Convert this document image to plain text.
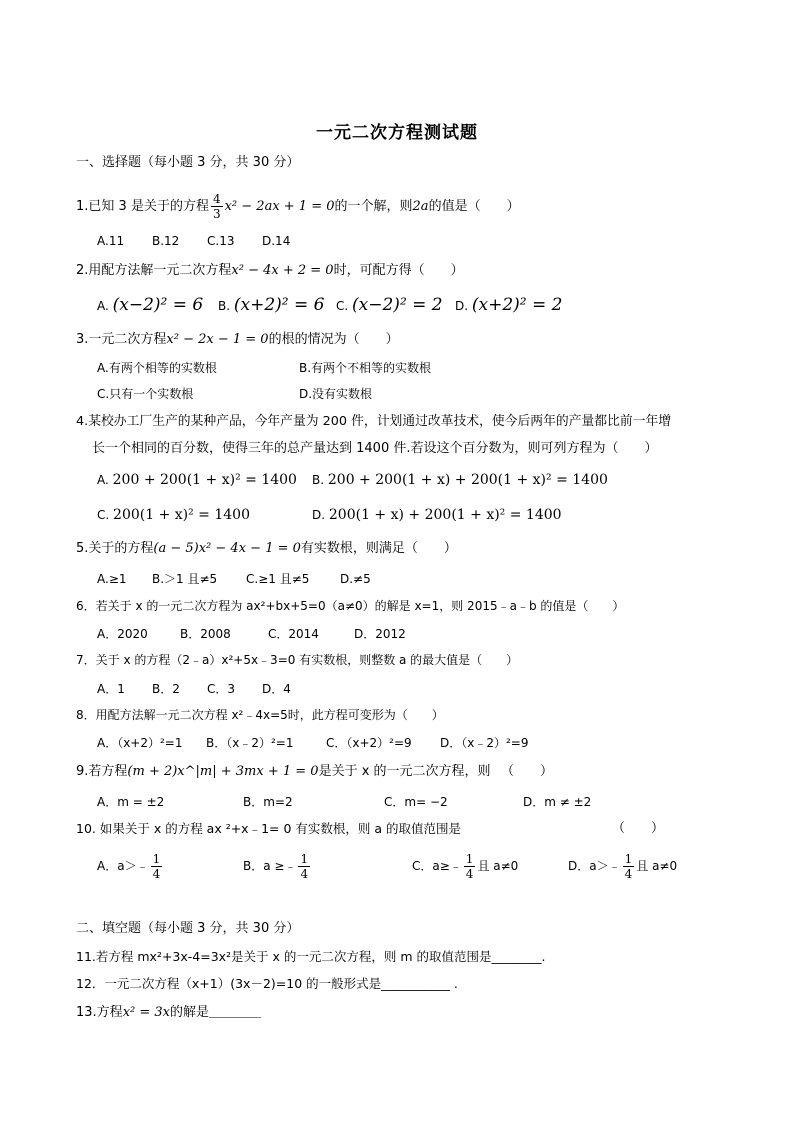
一元二次方程测试题
一、选择题（每小题 3 分，共 30 分）
1.已知 3 是关于的方程 $\frac{4}{3} x^2 - 2ax + 1 = 0$的一个解，则2a的值是（　　）
A.11 B.12 C.13 D.14
2.用配方法解一元二次方程x² − 4x + 2 = 0时，可配方得（　　）
A. (x−2)² = 6 B. (x+2)² = 6 C. (x−2)² = 2 D. (x+2)² = 2
3.一元二次方程x² − 2x − 1 = 0的根的情况为（　　）
A.有两个相等的实数根	B.有两个不相等的实数根
C.只有一个实数根	D.没有实数根
4.某校办工厂生产的某种产品，今年产量为 200 件，计划通过改革技术，使今后两年的产量都比前一年增
长一个相同的百分数，使得三年的总产量达到 1400 件.若设这个百分数为，则可列方程为（　　）
A. 200 + 200(1 + x)² = 1400 B. 200 + 200(1 + x) + 200(1 + x)² = 1400
C. 200(1 + x)² = 1400	D. 200(1 + x) + 200(1 + x)² = 1400
5.关于的方程(a − 5)x² − 4x − 1 = 0有实数根，则满足（　　）
A.≥1 B.＞1 且≠5 C.≥1 且≠5	D.≠5
6．若关于 x 的一元二次方程为 ax²+bx+5=0（a≠0）的解是 x=1，则 2015﹣a﹣b 的值是（　　）
A．2020	B．2008	C．2014	D．2012
7．关于 x 的方程（2﹣a）x²+5x﹣3=0 有实数根，则整数 a 的最大值是（　　）
A．1 B．2 C．3 D．4
8．用配方法解一元二次方程 x²﹣4x=5时，此方程可变形为（　　）
A．（x+2）²=1 B．（x﹣2）²=1	C．（x+2）²=9 D．（x﹣2）²=9
9.若方程(m + 2)x^|m| + 3mx + 1 = 0是关于 x 的一元二次方程，则 （　　）
A．m = ±2	B．m=2	C．m= −2	D．m ≠ ±2
10. 如果关于 x 的方程 ax ²+x﹣1= 0 有实数根，则 a 的取值范围是	（　　）
A．a＞﹣ $\frac{1}{4}$	B．a ≥﹣ $\frac{1}{4}$	C．a≥﹣ $\frac{1}{4}$ 且 a≠0	D．a＞﹣ $\frac{1}{4}$ 且 a≠0
二、填空题（每小题 3 分，共 30 分）
11.若方程 mx²+3x-4=3x²是关于 x 的一元二次方程，则 m 的取值范围是________.
12．一元二次方程（x+1）(3x－2)=10 的一般形式是___________ .
13.方程x² = 3x的解是＿＿＿＿
